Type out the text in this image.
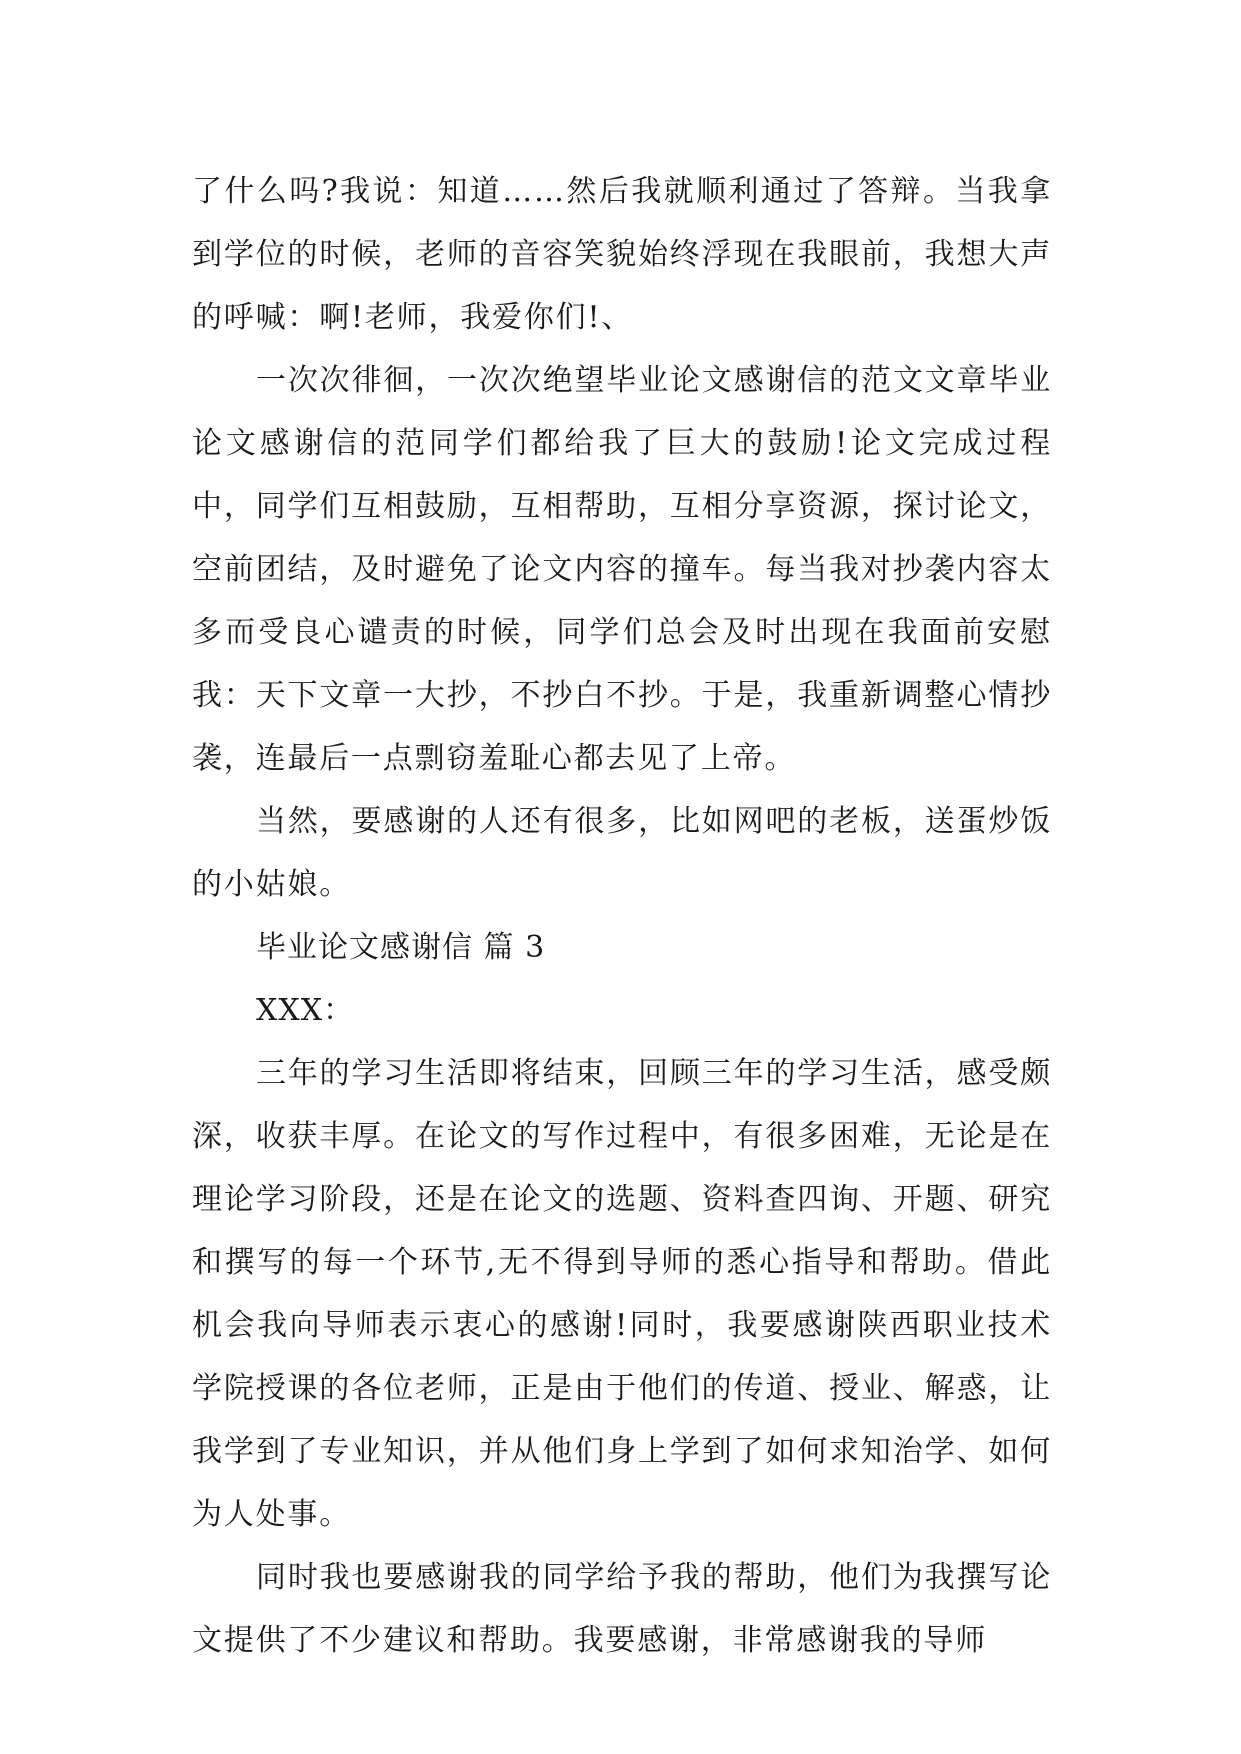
了什么吗?我说：知道……然后我就顺利通过了答辩。当我拿到学位的时候，老师的音容笑貌始终浮现在我眼前，我想大声的呼喊：啊!老师，我爱你们!、

一次次徘徊，一次次绝望毕业论文感谢信的范文文章毕业论文感谢信的范同学们都给我了巨大的鼓励!论文完成过程中，同学们互相鼓励，互相帮助，互相分享资源，探讨论文，空前团结，及时避免了论文内容的撞车。每当我对抄袭内容太多而受良心谴责的时候，同学们总会及时出现在我面前安慰我：天下文章一大抄，不抄白不抄。于是，我重新调整心情抄袭，连最后一点剽窃羞耻心都去见了上帝。

当然，要感谢的人还有很多，比如网吧的老板，送蛋炒饭的小姑娘。

毕业论文感谢信 篇 3

XXX：

三年的学习生活即将结束，回顾三年的学习生活，感受颇深，收获丰厚。在论文的写作过程中，有很多困难，无论是在理论学习阶段，还是在论文的选题、资料查四询、开题、研究和撰写的每一个环节,无不得到导师的悉心指导和帮助。借此机会我向导师表示衷心的感谢!同时，我要感谢陕西职业技术学院授课的各位老师，正是由于他们的传道、授业、解惑，让我学到了专业知识，并从他们身上学到了如何求知治学、如何为人处事。

同时我也要感谢我的同学给予我的帮助，他们为我撰写论文提供了不少建议和帮助。我要感谢，非常感谢我的导师
